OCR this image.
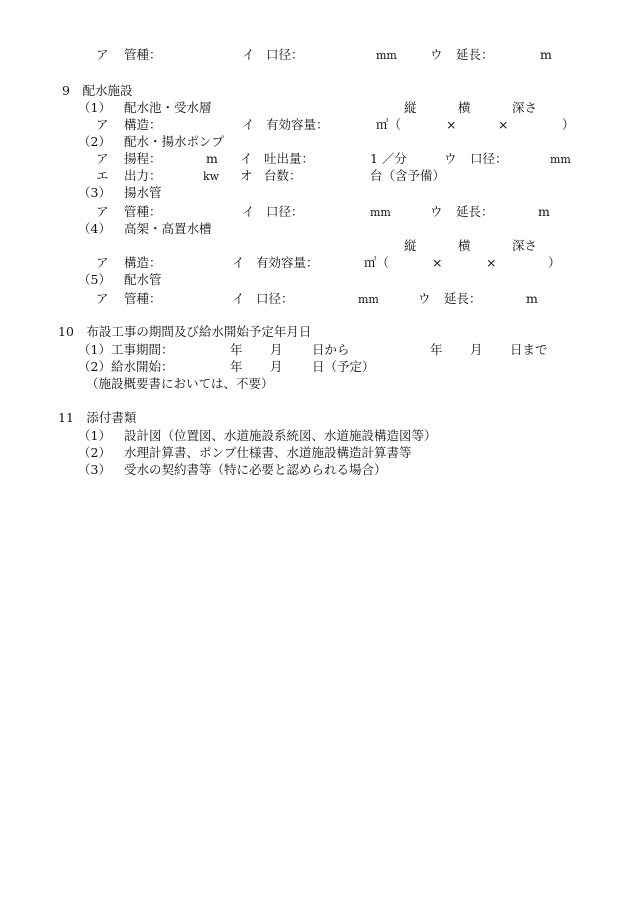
ア 管種：	イ 口径：	mm	ウ 延長：	m
9　配水施設
（1） 配水池・受水層	縦	横	深さ
ア 構造：	イ 有効容量：	㎥（	×	×	）
（2） 配水・揚水ポンプ
ア 揚程：	m イ 吐出量：	1 ／分	ウ 口径：	mm
エ 出力：	kw オ 台数：	台（含予備）
（3） 揚水管
ア 管種：	イ 口径：	mm	ウ 延長：	m
（4） 高架・高置水槽
縦	横	深さ
ア 構造：	イ 有効容量：	㎥（	×	×	）
（5） 配水管
ア 管種：	イ 口径：	mm	ウ 延長：	m
10　布設工事の期間及び給水開始予定年月日
（1）工事期間：	年 月 日から	年 月 日まで
（2）給水開始：	年 月 日（予定）
（施設概要書においては、不要）
11　添付書類
（1） 設計図（位置図、水道施設系統図、水道施設構造図等）
（2） 水理計算書、ポンプ仕様書、水道施設構造計算書等
（3） 受水の契約書等（特に必要と認められる場合）
